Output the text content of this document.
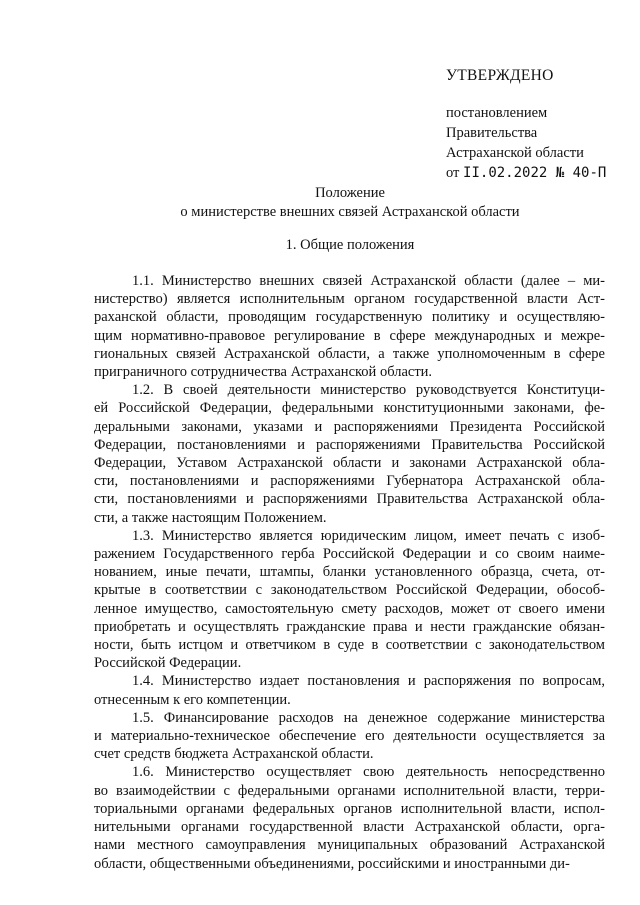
УТВЕРЖДЕНО
постановлением
Правительства
Астраханской области
от II.02.2022 № 40-П
Положение
о министерстве внешних связей Астраханской области
1. Общие положения

1.1. Министерство внешних связей Астраханской области (далее – ми-
нистерство) является исполнительным органом государственной власти Аст-
раханской области, проводящим государственную политику и осуществляю-
щим нормативно-правовое регулирование в сфере международных и межре-
гиональных связей Астраханской области, а также уполномоченным в сфере
приграничного сотрудничества Астраханской области.

1.2. В своей деятельности министерство руководствуется Конституци-
ей Российской Федерации, федеральными конституционными законами, фе-
деральными законами, указами и распоряжениями Президента Российской
Федерации, постановлениями и распоряжениями Правительства Российской
Федерации, Уставом Астраханской области и законами Астраханской обла-
сти, постановлениями и распоряжениями Губернатора Астраханской обла-
сти, постановлениями и распоряжениями Правительства Астраханской обла-
сти, а также настоящим Положением.

1.3. Министерство является юридическим лицом, имеет печать с изоб-
ражением Государственного герба Российской Федерации и со своим наиме-
нованием, иные печати, штампы, бланки установленного образца, счета, от-
крытые в соответствии с законодательством Российской Федерации, обособ-
ленное имущество, самостоятельную смету расходов, может от своего имени
приобретать и осуществлять гражданские права и нести гражданские обязан-
ности, быть истцом и ответчиком в суде в соответствии с законодательством
Российской Федерации.

1.4. Министерство издает постановления и распоряжения по вопросам,
отнесенным к его компетенции.

1.5. Финансирование расходов на денежное содержание министерства
и материально-техническое обеспечение его деятельности осуществляется за
счет средств бюджета Астраханской области.

1.6. Министерство осуществляет свою деятельность непосредственно
во взаимодействии с федеральными органами исполнительной власти, терри-
ториальными органами федеральных органов исполнительной власти, испол-
нительными органами государственной власти Астраханской области, орга-
нами местного самоуправления муниципальных образований Астраханской
области, общественными объединениями, российскими и иностранными ди-
